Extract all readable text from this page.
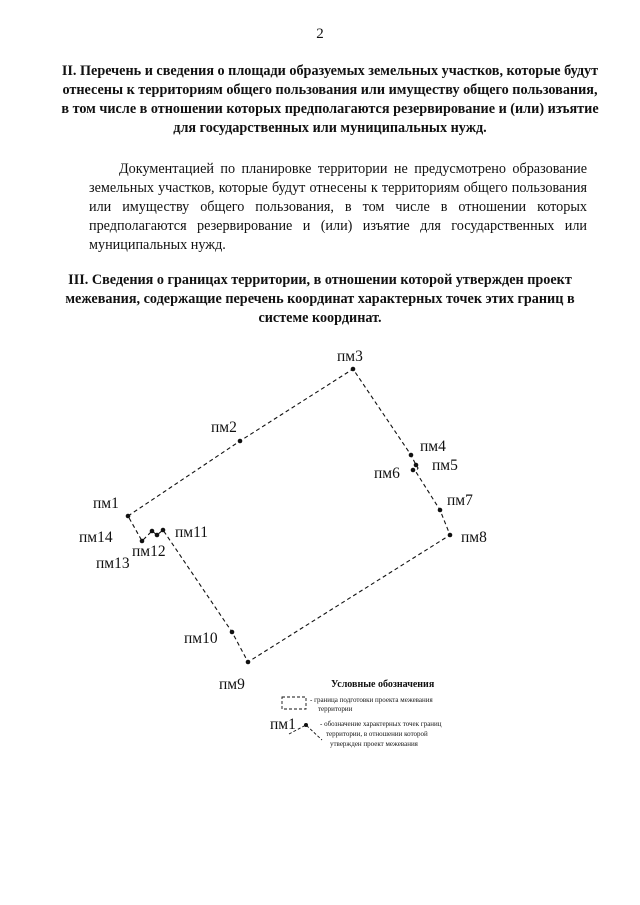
2
II. Перечень и сведения о площади образуемых земельных участков, которые будут отнесены к территориям общего пользования или имуществу общего пользования, в том числе в отношении которых предполагаются резервирование и (или) изъятие для государственных или муниципальных нужд.
Документацией по планировке территории не предусмотрено образование земельных участков, которые будут отнесены к территориям общего пользования или имуществу общего пользования, в том числе в отношении которых предполагаются резервирование и (или) изъятие для государственных или муниципальных нужд.
III. Сведения о границах территории, в отношении которой утвержден проект межевания, содержащие перечень координат характерных точек этих границ в системе координат.
пм1
пм2
пм3
пм4
пм5
пм6
пм7
пм8
пм9
пм10
пм11
пм12
пм13
пм14
Условные обозначения
- граница подготовки проекта межевания
территории
пм1	- обозначение характерных точек границ
территории, в отношении которой
утвержден проект межевания
